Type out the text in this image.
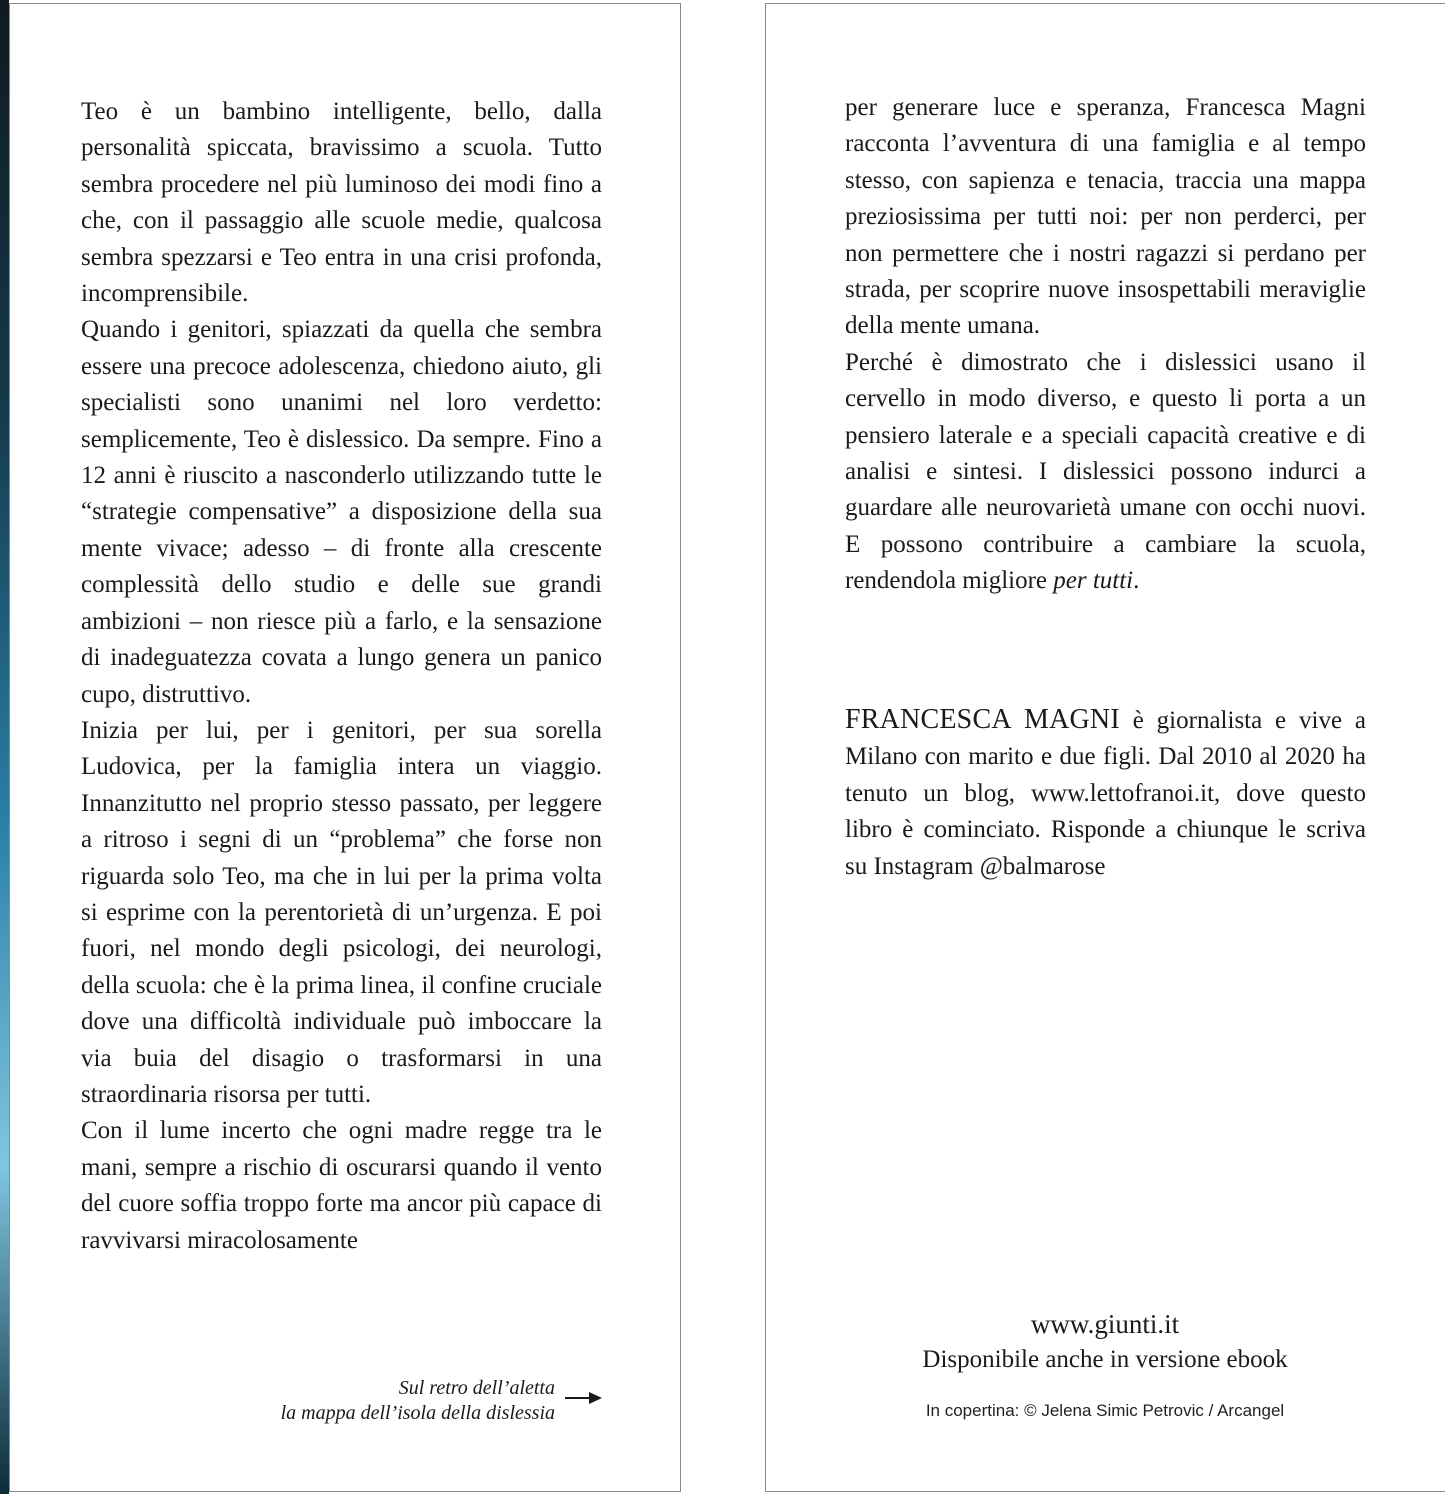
Teo è un bambino intelligente, bello, dalla personalità spiccata, bravissimo a scuola. Tutto sembra procedere nel più luminoso dei modi fino a che, con il passaggio alle scuole medie, qualcosa sembra spezzarsi e Teo entra in una crisi profonda, incomprensibile.

Quando i genitori, spiazzati da quella che sembra essere una precoce adolescenza, chiedono aiuto, gli specialisti sono unanimi nel loro verdetto: semplicemente, Teo è dislessico. Da sempre. Fino a 12 anni è riuscito a nasconderlo utilizzando tutte le “strategie compensative” a disposizione della sua mente vivace; adesso – di fronte alla crescente complessità dello studio e delle sue grandi ambizioni – non riesce più a farlo, e la sensazione di inadeguatezza covata a lungo genera un panico cupo, distruttivo.

Inizia per lui, per i genitori, per sua sorella Ludovica, per la famiglia intera un viaggio. Innanzitutto nel proprio stesso passato, per leggere a ritroso i segni di un “problema” che forse non riguarda solo Teo, ma che in lui per la prima volta si esprime con la perentorietà di un’urgenza. E poi fuori, nel mondo degli psicologi, dei neurologi, della scuola: che è la prima linea, il confine cruciale dove una difficoltà individuale può imboccare la via buia del disagio o trasformarsi in una straordinaria risorsa per tutti.

Con il lume incerto che ogni madre regge tra le mani, sempre a rischio di oscurarsi quando il vento del cuore soffia troppo forte ma ancor più capace di ravvivarsi miracolosamente

Sul retro dell’aletta
la mappa dell’isola della dislessia

per generare luce e speranza, Francesca Magni racconta l’avventura di una famiglia e al tempo stesso, con sapienza e tenacia, traccia una mappa preziosissima per tutti noi: per non perderci, per non permettere che i nostri ragazzi si perdano per strada, per scoprire nuove insospettabili meraviglie della mente umana.

Perché è dimostrato che i dislessici usano il cervello in modo diverso, e questo li porta a un pensiero laterale e a speciali capacità creative e di analisi e sintesi. I dislessici possono indurci a guardare alle neurovarietà umane con occhi nuovi. E possono contribuire a cambiare la scuola, rendendola migliore per tutti.

FRANCESCA MAGNI è giornalista e vive a Milano con marito e due figli. Dal 2010 al 2020 ha tenuto un blog, www.lettofranoi.it, dove questo libro è cominciato. Risponde a chiunque le scriva su Instagram @balmarose
www.giunti.it
Disponibile anche in versione ebook
In copertina: © Jelena Simic Petrovic / Arcangel
